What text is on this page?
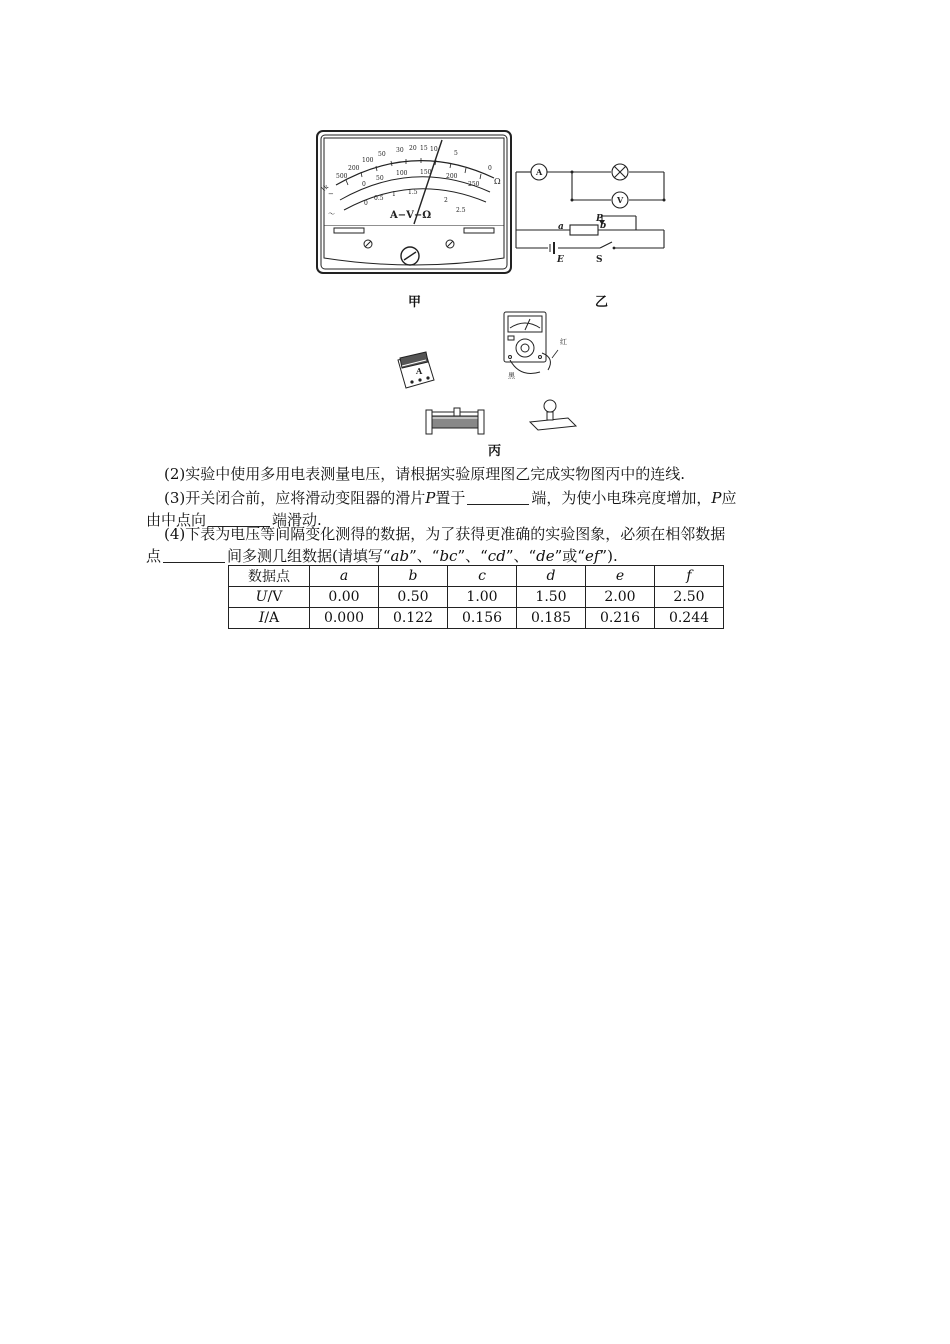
1k
500
200
100
50
30 20 15 10
5
0
Ω
0
50
100 150
200
250
0
0.5
1 1.5
2
2.5
−
〜	A−V−Ω
甲
A
V
a
P
b
E	S
乙
红
黑
A
丙
(2)实验中使用多用电表测量电压，请根据实验原理图乙完成实物图丙中的连线.
(3)开关闭合前，应将滑动变阻器的滑片P置于	端，为使小电珠亮度增加，P应
由中点向	端滑动.
(4)下表为电压等间隔变化测得的数据，为了获得更准确的实验图象，必须在相邻数据
点	间多测几组数据(请填写“ab”、“bc”、“cd”、“de”或“ef”).
数据点	a	b	c	d	e	f
U/V	0.00	0.50	1.00	1.50	2.00	2.50
I/A	0.000	0.122	0.156	0.185	0.216	0.244
